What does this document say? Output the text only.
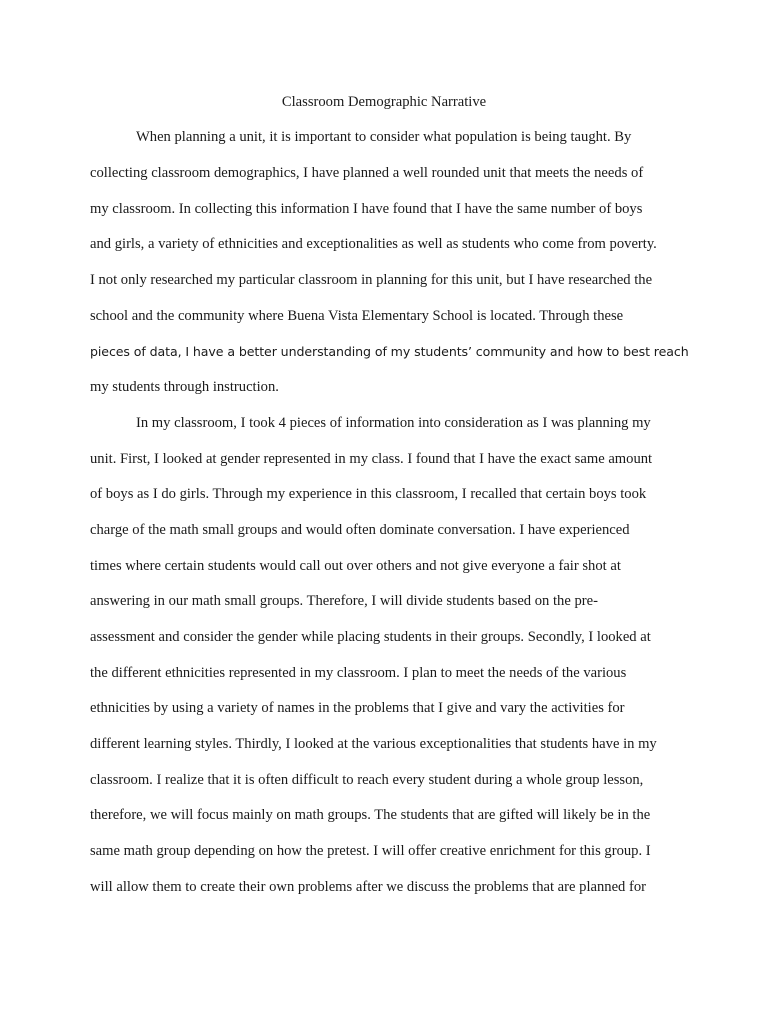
Classroom Demographic Narrative
When planning a unit, it is important to consider what population is being taught. By
collecting classroom demographics, I have planned a well rounded unit that meets the needs of
my classroom. In collecting this information I have found that I have the same number of boys
and girls, a variety of ethnicities and exceptionalities as well as students who come from poverty.
I not only researched my particular classroom in planning for this unit, but I have researched the
school and the community where Buena Vista Elementary School is located. Through these
pieces of data, I have a better understanding of my students’ community and how to best reach
my students through instruction.
In my classroom, I took 4 pieces of information into consideration as I was planning my
unit. First, I looked at gender represented in my class. I found that I have the exact same amount
of boys as I do girls. Through my experience in this classroom, I recalled that certain boys took
charge of the math small groups and would often dominate conversation. I have experienced
times where certain students would call out over others and not give everyone a fair shot at
answering in our math small groups. Therefore, I will divide students based on the pre-
assessment and consider the gender while placing students in their groups. Secondly, I looked at
the different ethnicities represented in my classroom. I plan to meet the needs of the various
ethnicities by using a variety of names in the problems that I give and vary the activities for
different learning styles. Thirdly, I looked at the various exceptionalities that students have in my
classroom. I realize that it is often difficult to reach every student during a whole group lesson,
therefore, we will focus mainly on math groups. The students that are gifted will likely be in the
same math group depending on how the pretest. I will offer creative enrichment for this group. I
will allow them to create their own problems after we discuss the problems that are planned for
